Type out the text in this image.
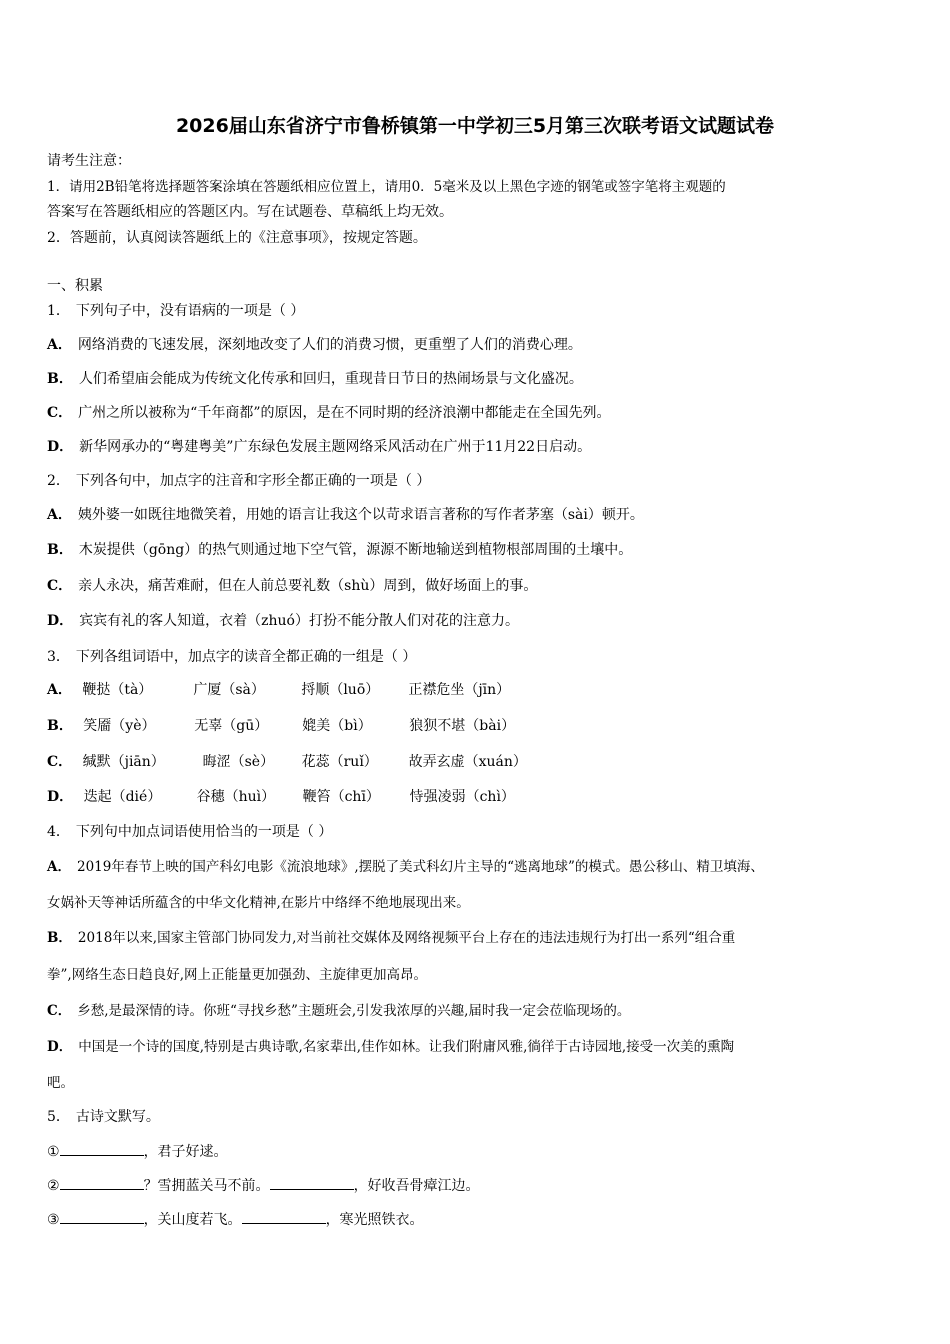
2026届山东省济宁市鲁桥镇第一中学初三5月第三次联考语文试题试卷
请考生注意：
1．请用2B铅笔将选择题答案涂填在答题纸相应位置上，请用0．5毫米及以上黑色字迹的钢笔或签字笔将主观题的
答案写在答题纸相应的答题区内。写在试题卷、草稿纸上均无效。
2．答题前，认真阅读答题纸上的《注意事项》，按规定答题。
一、积累
1． 下列句子中，没有语病的一项是（ ）
A． 网络消费的飞速发展，深刻地改变了人们的消费习惯，更重塑了人们的消费心理。
B． 人们希望庙会能成为传统文化传承和回归，重现昔日节日的热闹场景与文化盛况。
C． 广州之所以被称为“千年商都”的原因，是在不同时期的经济浪潮中都能走在全国先列。
D． 新华网承办的“粤建粤美”广东绿色发展主题网络采风活动在广州于11月22日启动。
2． 下列各句中，加点字的注音和字形全都正确的一项是（ ）
A． 姨外婆一如既往地微笑着，用她的语言让我这个以苛求语言著称的写作者茅塞（sài）顿开。
B． 木炭提供（gōng）的热气则通过地下空气管，源源不断地输送到植物根部周围的土壤中。
C． 亲人永决，痛苦难耐，但在人前总要礼数（shù）周到，做好场面上的事。
D． 宾宾有礼的客人知道，衣着（zhuó）打扮不能分散人们对花的注意力。
3． 下列各组词语中，加点字的读音全都正确的一组是（ ）
A． 鞭挞（tà）	广厦（sà）	捋顺（luō） 正襟危坐（jīn）
B． 笑靥（yè）	无辜（gū） 媲美（bì）	狼狈不堪（bài）
C． 缄默（jiān）	晦涩（sè） 花蕊（ruǐ） 故弄玄虚（xuán）
D． 迭起（dié）	谷穗（huì） 鞭笞（chī） 恃强凌弱（chì）
4． 下列句中加点词语使用恰当的一项是（ ）
A． 2019年春节上映的国产科幻电影《流浪地球》,摆脱了美式科幻片主导的“逃离地球”的模式。愚公移山、精卫填海、
女娲补天等神话所蕴含的中华文化精神,在影片中络绎不绝地展现出来。
B． 2018年以来,国家主管部门协同发力,对当前社交媒体及网络视频平台上存在的违法违规行为打出一系列“组合重
拳”,网络生态日趋良好,网上正能量更加强劲、主旋律更加高昂。
C． 乡愁,是最深情的诗。你班“寻找乡愁”主题班会,引发我浓厚的兴趣,届时我一定会莅临现场的。
D． 中国是一个诗的国度,特别是古典诗歌,名家辈出,佳作如林。让我们附庸风雅,徜徉于古诗园地,接受一次美的熏陶
吧。
5． 古诗文默写。
①	，君子好逑。
②	？雪拥蓝关马不前。	，好收吾骨瘴江边。
③	，关山度若飞。	，寒光照铁衣。
